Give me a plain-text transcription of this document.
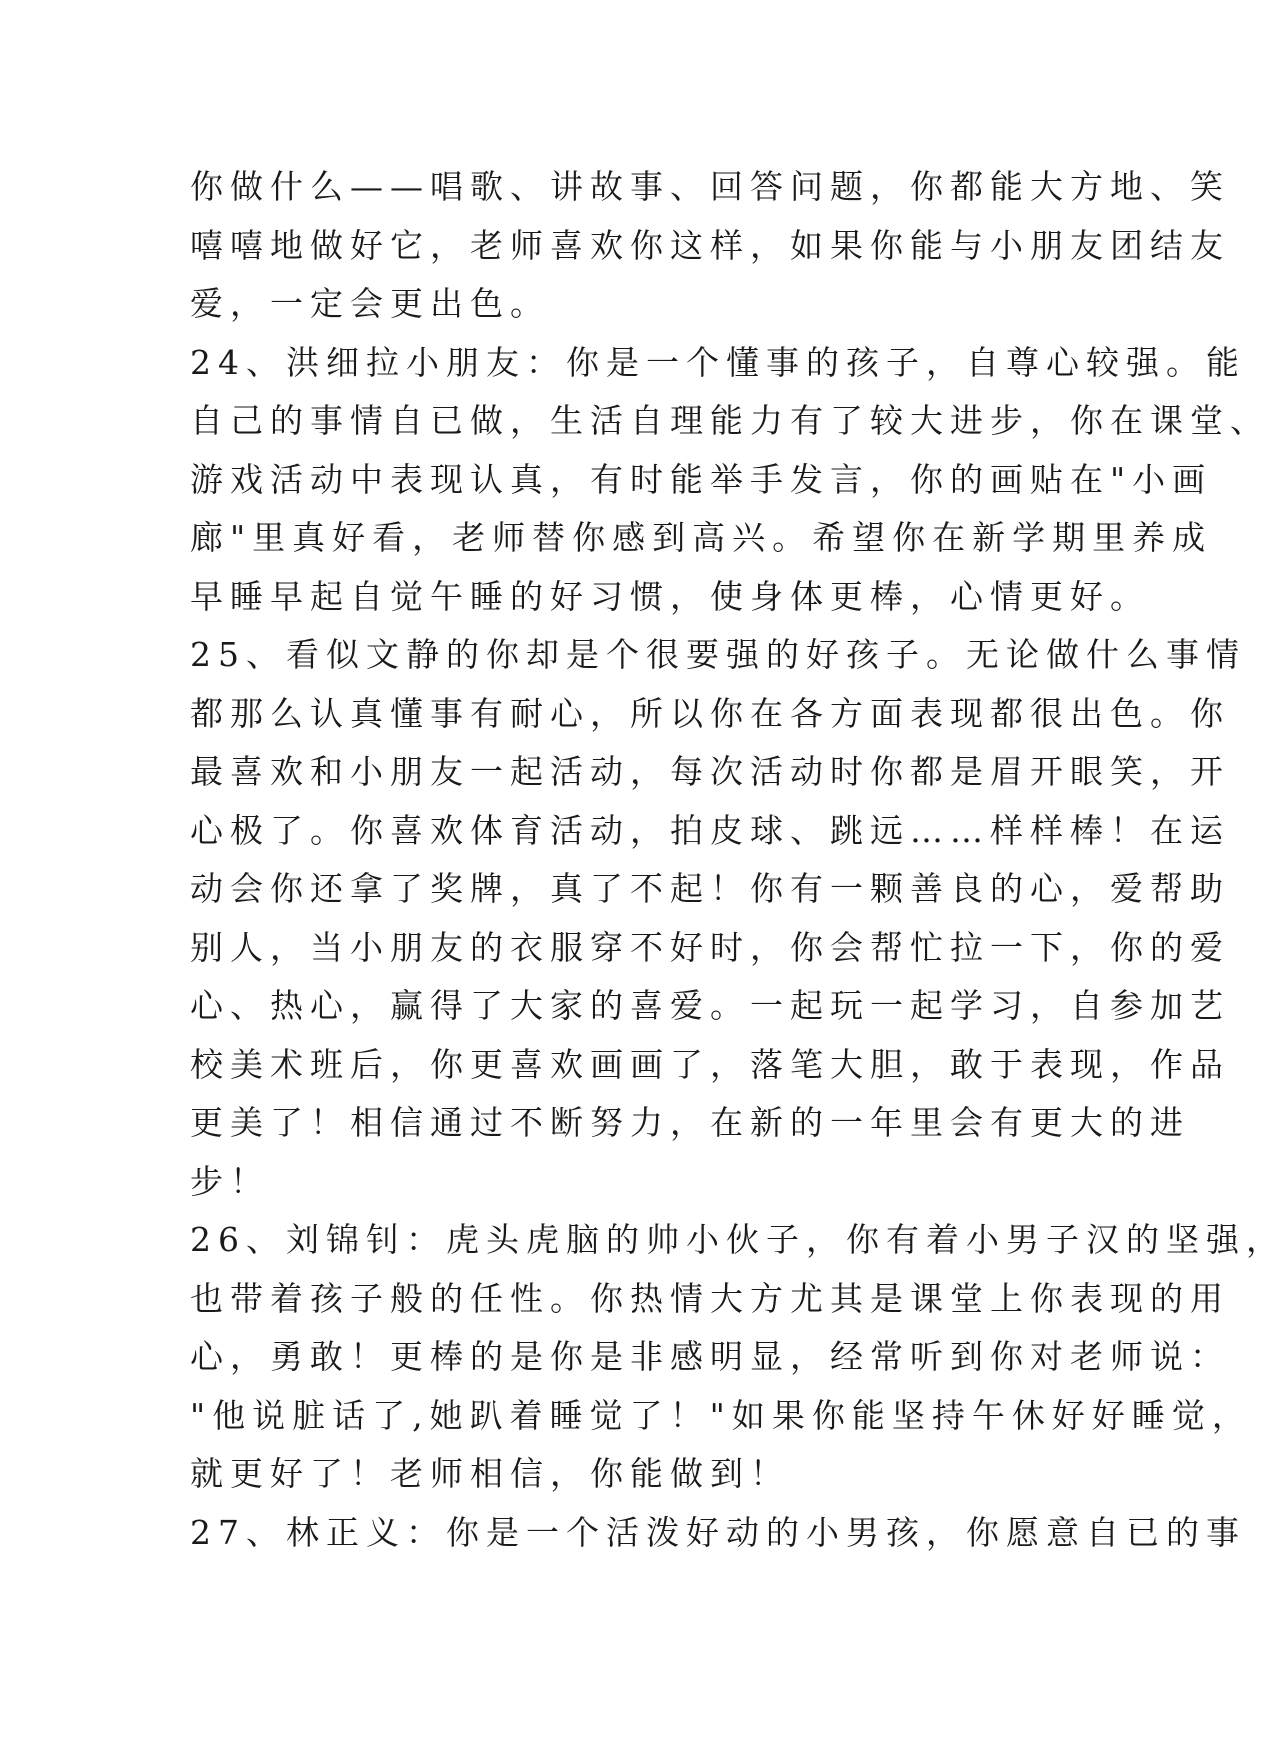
你做什么——唱歌、讲故事、回答问题，你都能大方地、笑
嘻嘻地做好它，老师喜欢你这样，如果你能与小朋友团结友
爱，一定会更出色。
24、洪细拉小朋友：你是一个懂事的孩子，自尊心较强。能
自己的事情自已做，生活自理能力有了较大进步，你在课堂、
游戏活动中表现认真，有时能举手发言，你的画贴在"小画
廊"里真好看，老师替你感到高兴。希望你在新学期里养成
早睡早起自觉午睡的好习惯，使身体更棒，心情更好。
25、看似文静的你却是个很要强的好孩子。无论做什么事情
都那么认真懂事有耐心，所以你在各方面表现都很出色。你
最喜欢和小朋友一起活动，每次活动时你都是眉开眼笑，开
心极了。你喜欢体育活动，拍皮球、跳远……样样棒！在运
动会你还拿了奖牌，真了不起！你有一颗善良的心，爱帮助
别人，当小朋友的衣服穿不好时，你会帮忙拉一下，你的爱
心、热心，赢得了大家的喜爱。一起玩一起学习，自参加艺
校美术班后，你更喜欢画画了，落笔大胆，敢于表现，作品
更美了！相信通过不断努力，在新的一年里会有更大的进
步！
26、刘锦钊：虎头虎脑的帅小伙子，你有着小男子汉的坚强，
也带着孩子般的任性。你热情大方尤其是课堂上你表现的用
心，勇敢！更棒的是你是非感明显，经常听到你对老师说：
"他说脏话了,她趴着睡觉了！"如果你能坚持午休好好睡觉，
就更好了！老师相信，你能做到！
27、林正义：你是一个活泼好动的小男孩，你愿意自已的事
